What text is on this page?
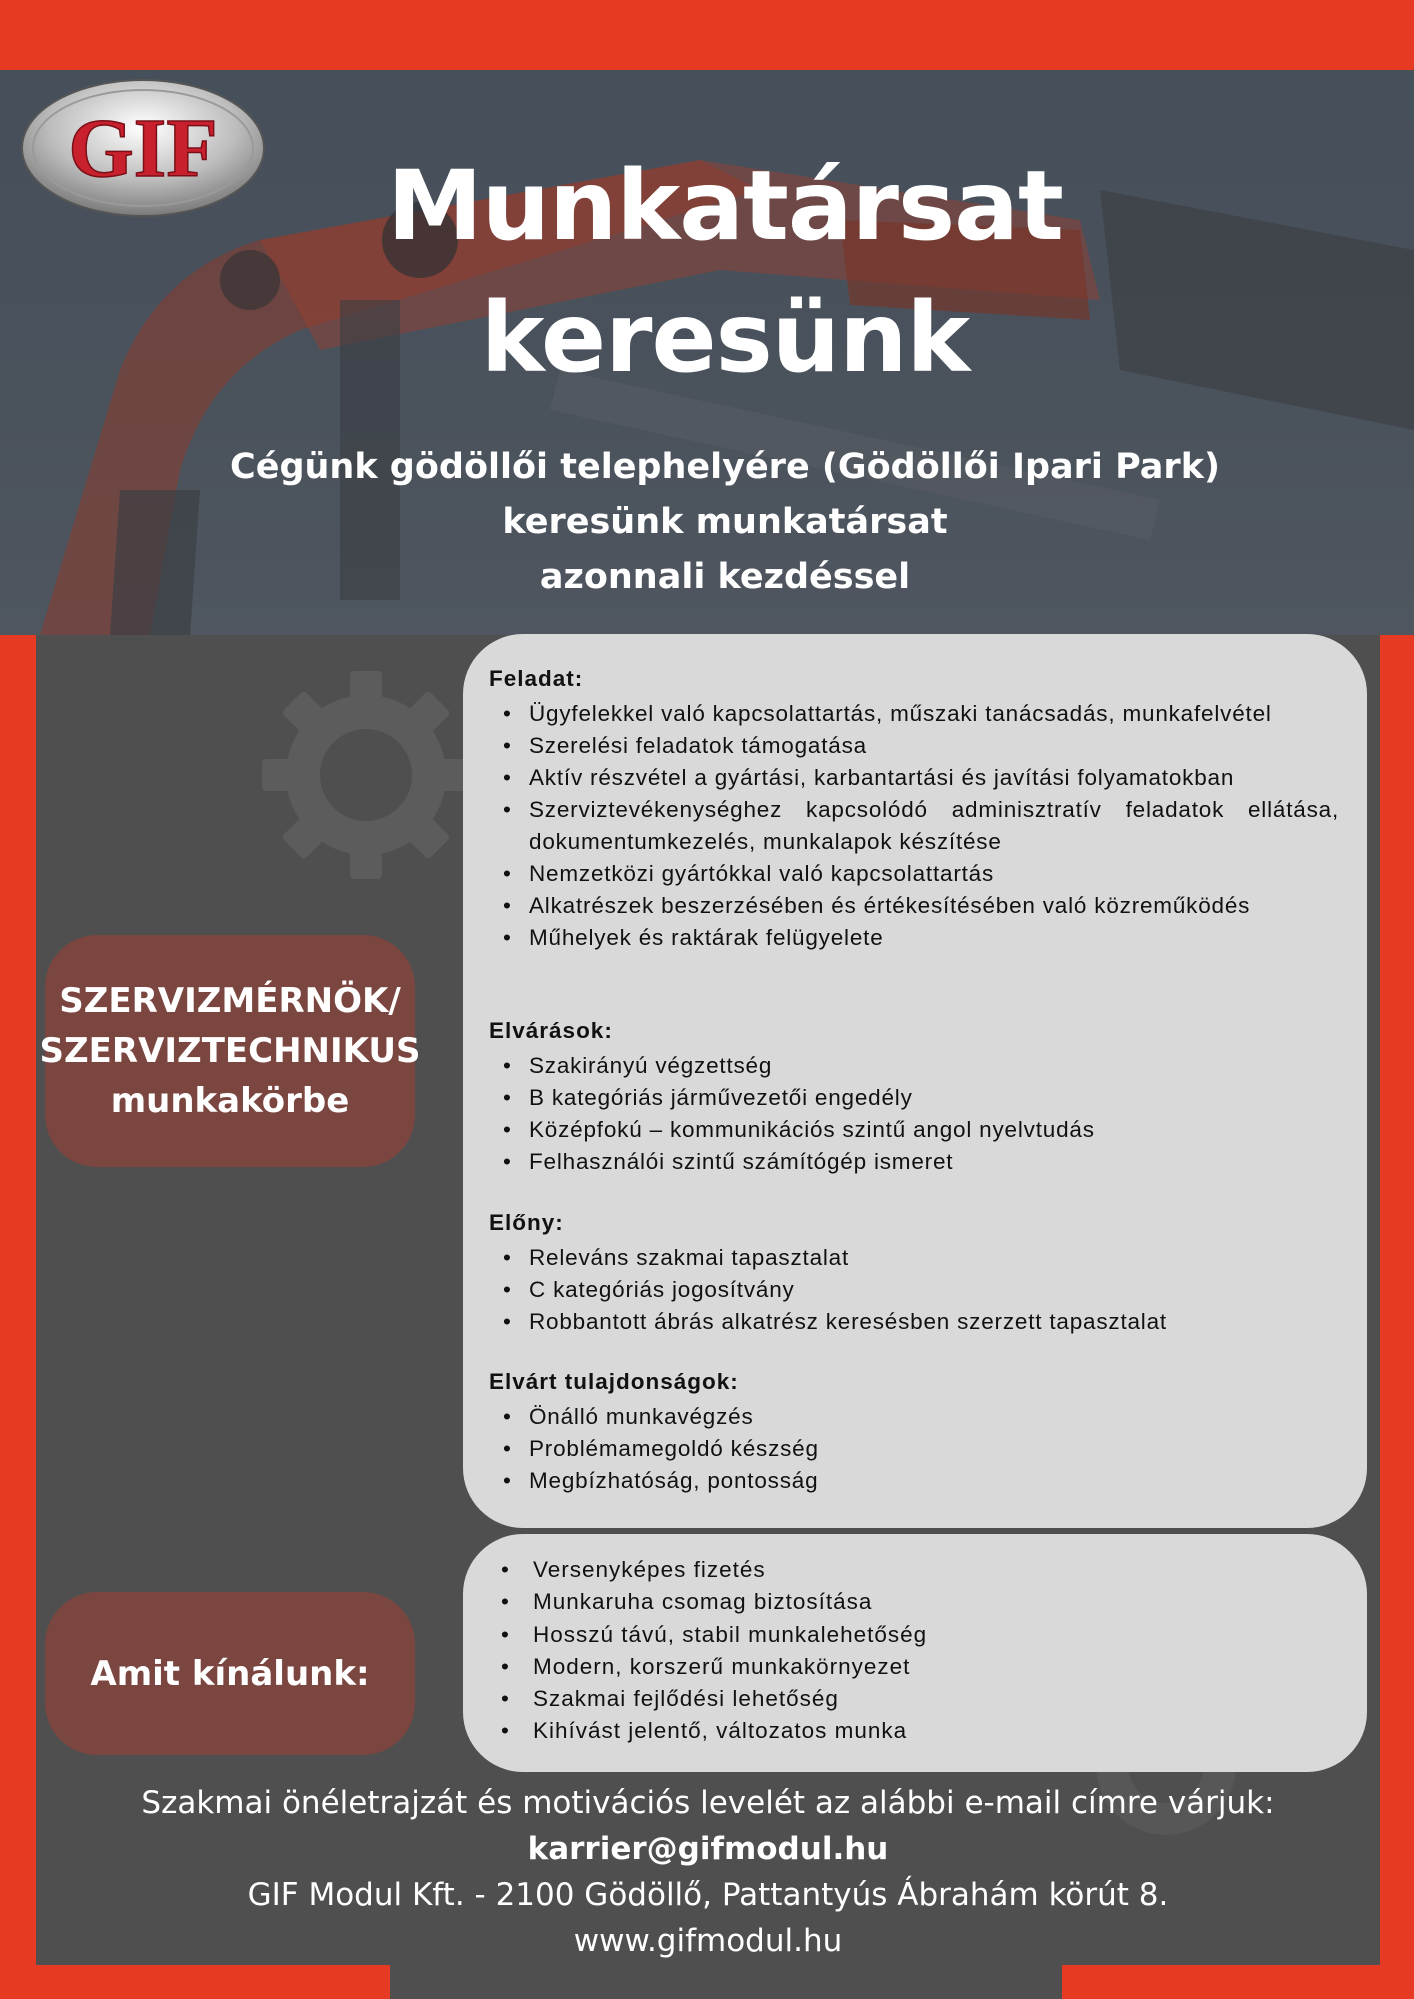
GIF
Munkatársat
keresünk
Cégünk gödöllői telephelyére (Gödöllői Ipari Park)
keresünk munkatársat
azonnali kezdéssel
SZERVIZMÉRNÖK/
SZERVIZTECHNIKUS
munkakörbe
Amit kínálunk:
Feladat:
• Ügyfelekkel való kapcsolattartás, műszaki tanácsadás, munkafelvétel
• Szerelési feladatok támogatása
• Aktív részvétel a gyártási, karbantartási és javítási folyamatokban
• Szerviztevékenységhez kapcsolódó adminisztratív feladatok ellátása, dokumentumkezelés, munkalapok készítése
• Nemzetközi gyártókkal való kapcsolattartás
• Alkatrészek beszerzésében és értékesítésében való közreműködés
• Műhelyek és raktárak felügyelete
Elvárások:
• Szakirányú végzettség
• B kategóriás járművezetői engedély
• Középfokú – kommunikációs szintű angol nyelvtudás
• Felhasználói szintű számítógép ismeret
Előny:
• Releváns szakmai tapasztalat
• C kategóriás jogosítvány
• Robbantott ábrás alkatrész keresésben szerzett tapasztalat
Elvárt tulajdonságok:
• Önálló munkavégzés
• Problémamegoldó készség
• Megbízhatóság, pontosság
• Versenyképes fizetés
• Munkaruha csomag biztosítása
• Hosszú távú, stabil munkalehetőség
• Modern, korszerű munkakörnyezet
• Szakmai fejlődési lehetőség
• Kihívást jelentő, változatos munka
Szakmai önéletrajzát és motivációs levelét az alábbi e-mail címre várjuk:
karrier@gifmodul.hu
GIF Modul Kft. - 2100 Gödöllő, Pattantyús Ábrahám körút 8.
www.gifmodul.hu
